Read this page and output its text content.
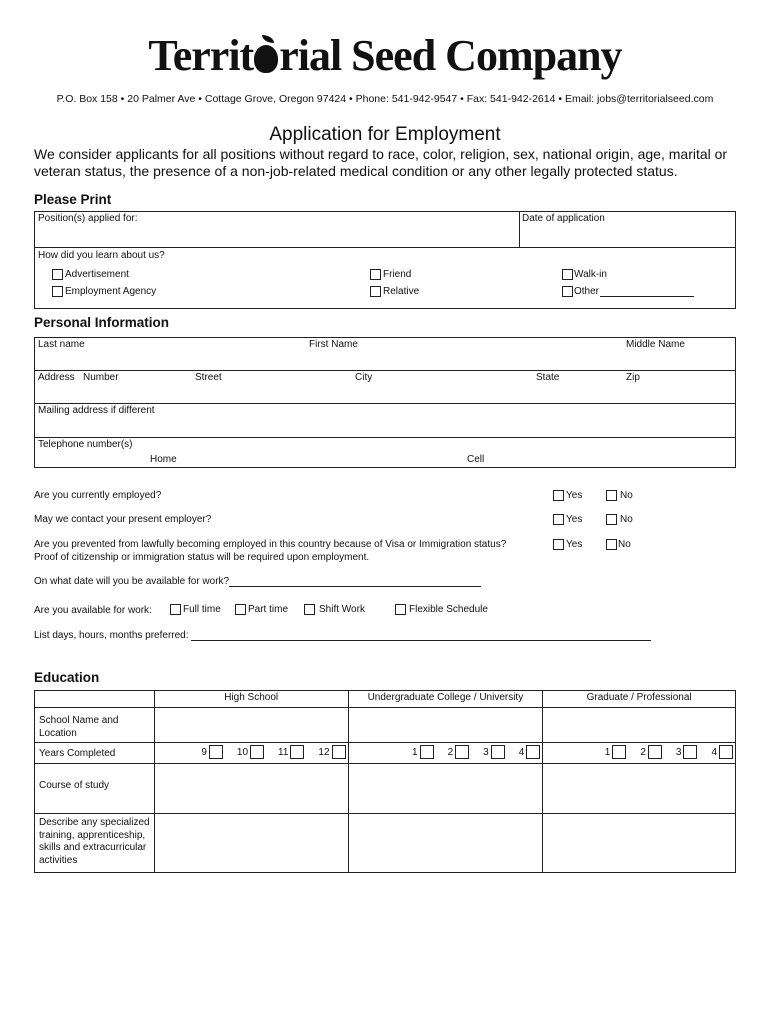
Territ rial Seed Company
P.O. Box 158 • 20 Palmer Ave • Cottage Grove, Oregon 97424 • Phone: 541-942-9547 • Fax: 541-942-2614 • Email: jobs@territorialseed.com
Application for Employment
We consider applicants for all positions without regard to race, color, religion, sex, national origin, age, marital or veteran status, the presence of a non-job-related medical condition or any other legally protected status.
Please Print
Position(s) applied for:	Date of application
How did you learn about us?
Advertisement	Friend	Walk-in
Employment Agency	Relative	Other
Personal Information
Last name	First Name	Middle Name
Address Number	Street	City	State	Zip
Mailing address if different
Telephone number(s)
Home	Cell
Are you currently employed?	Yes	No
May we contact your present employer?	Yes	No
Are you prevented from lawfully becoming employed in this country because of Visa or Immigration status?
Proof of citizenship or immigration status will be required upon employment.
Yes	No
On what date will you be available for work?
Are you available for work:	Full time	Part time	Shift Work	Flexible Schedule
List days, hours, months preferred:
Education
	High School	Undergraduate College / University	Graduate / Professional
School Name and Location			
Years Completed	9 10 11 12	1 2 3 4	1 2 3 4

Course of study			
Describe any specialized training, apprenticeship, skills and extracurricular activities			
